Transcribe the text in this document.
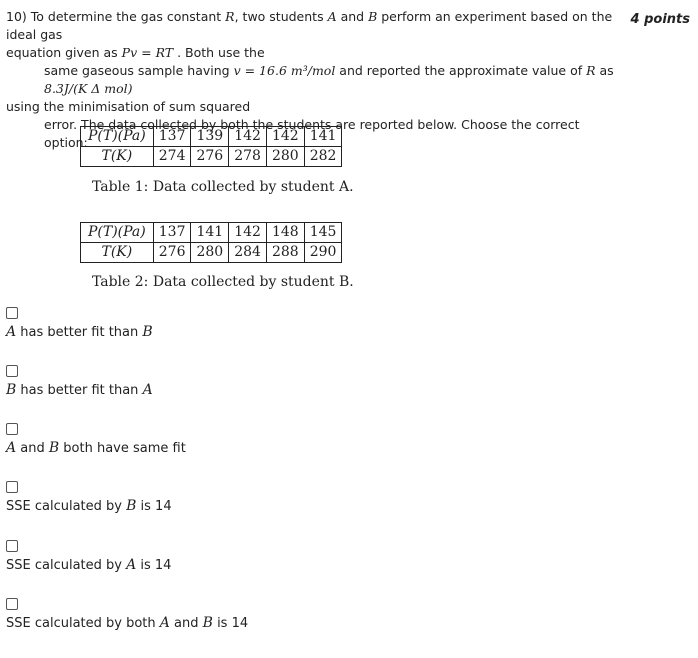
10) To determine the gas constant R, two students A and B perform an experiment based on the ideal gas
equation given as Pv = RT . Both use the
same gaseous sample having v = 16.6 m³/mol and reported the approximate value of R as 8.3J/(K Δ mol)
using the minimisation of sum squared
error. The data collected by both the students are reported below. Choose the correct option:
4 points
P(T)(Pa)	137	139	142	142	141
T(K)	274	276	278	280	282
Table 1: Data collected by student A.
P(T)(Pa)	137	141	142	148	145
T(K)	276	280	284	288	290
Table 2: Data collected by student B.
A has better fit than B
B has better fit than A
A and B both have same fit
SSE calculated by B is 14
SSE calculated by A is 14
SSE calculated by both A and B is 14
